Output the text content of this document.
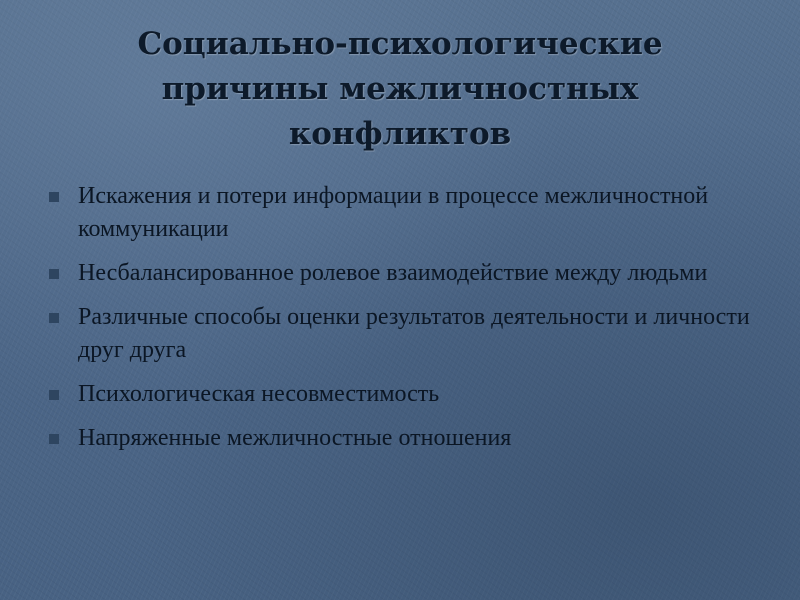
Социально-психологические
причины межличностных
конфликтов
Искажения и потери информации в процессе межличностной коммуникации
Несбалансированное ролевое взаимодействие между людьми
Различные способы оценки результатов деятельности и личности друг друга
Психологическая несовместимость
Напряженные межличностные отношения
